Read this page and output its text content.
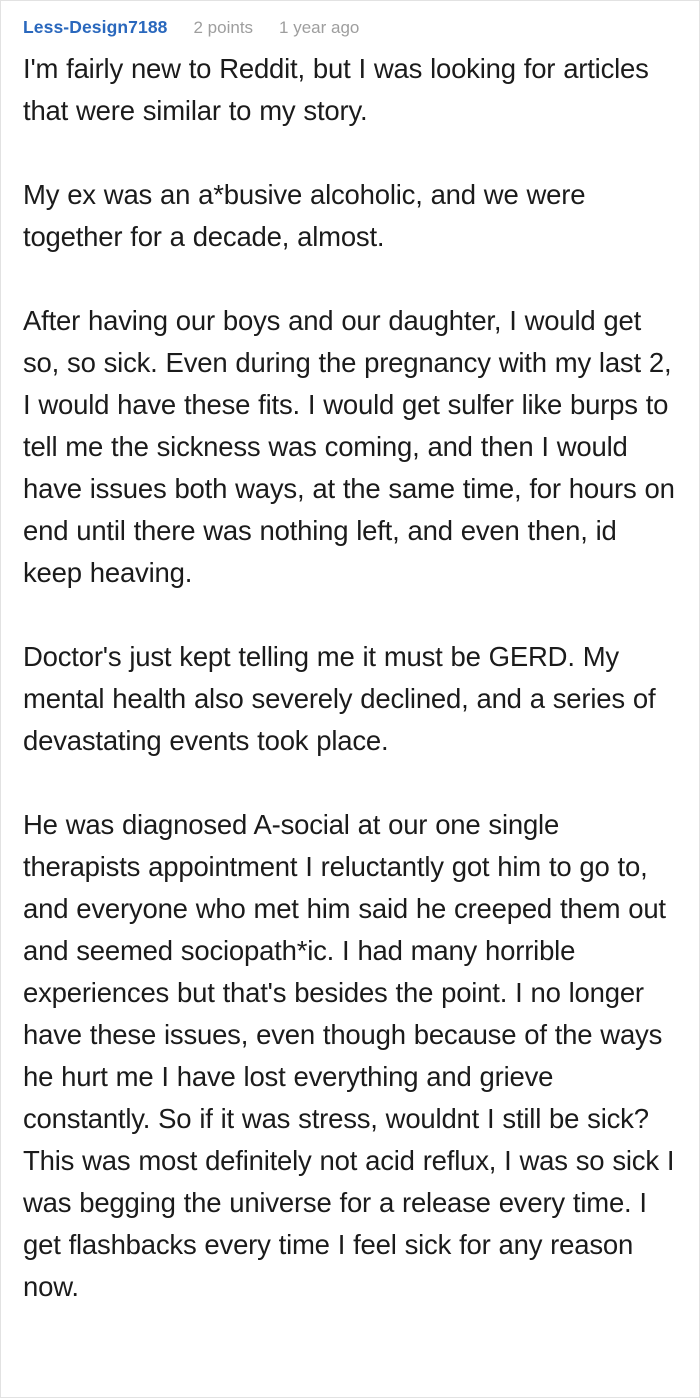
Less-Design7188 2 points 1 year ago

I'm fairly new to Reddit, but I was looking for articles that were similar to my story.

My ex was an a*busive alcoholic, and we were together for a decade, almost.

After having our boys and our daughter, I would get so, so sick. Even during the pregnancy with my last 2, I would have these fits. I would get sulfer like burps to tell me the sickness was coming, and then I would have issues both ways, at the same time, for hours on end until there was nothing left, and even then, id keep heaving.

Doctor's just kept telling me it must be GERD. My mental health also severely declined, and a series of devastating events took place.

He was diagnosed A-social at our one single therapists appointment I reluctantly got him to go to, and everyone who met him said he creeped them out and seemed sociopath*ic. I had many horrible experiences but that's besides the point. I no longer have these issues, even though because of the ways he hurt me I have lost everything and grieve constantly. So if it was stress, wouldnt I still be sick? This was most definitely not acid reflux, I was so sick I was begging the universe for a release every time. I get flashbacks every time I feel sick for any reason now.
